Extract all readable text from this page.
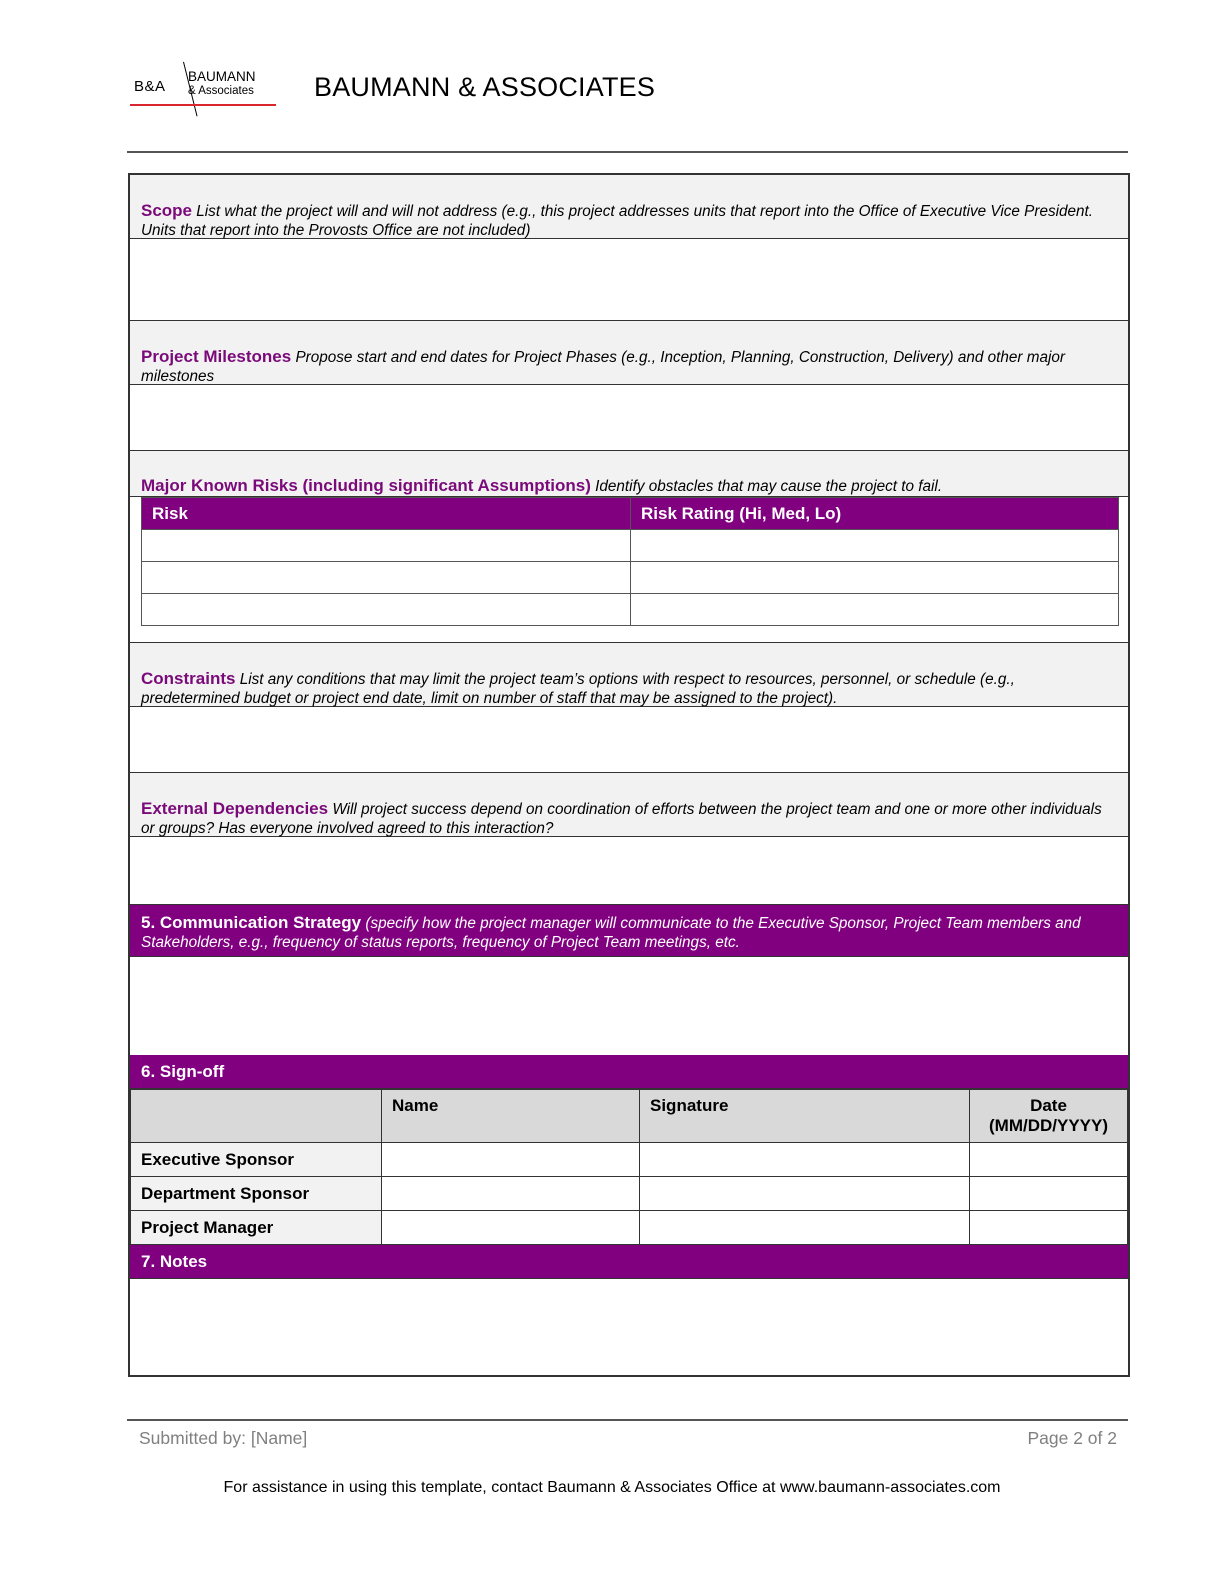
B&A
BAUMANN
& Associates BAUMANN & ASSOCIATES
Scope List what the project will and will not address (e.g., this project addresses units that report into the Office of Executive Vice President. Units that report into the Provosts Office are not included)
Project Milestones Propose start and end dates for Project Phases (e.g., Inception, Planning, Construction, Delivery) and other major milestones
Major Known Risks (including significant Assumptions) Identify obstacles that may cause the project to fail.
Risk	Risk Rating (Hi, Med, Lo)

Constraints List any conditions that may limit the project team’s options with respect to resources, personnel, or schedule (e.g., predetermined budget or project end date, limit on number of staff that may be assigned to the project).
External Dependencies Will project success depend on coordination of efforts between the project team and one or more other individuals or groups? Has everyone involved agreed to this interaction?
5. Communication Strategy (specify how the project manager will communicate to the Executive Sponsor, Project Team members and Stakeholders, e.g., frequency of status reports, frequency of Project Team meetings, etc.
6. Sign-off
	Name	Signature	Date
(MM/DD/YYYY)

Executive Sponsor			
Department Sponsor			
Project Manager			
7. Notes
Submitted by: [Name]	Page 2 of 2
For assistance in using this template, contact Baumann & Associates Office at www.baumann-associates.com
